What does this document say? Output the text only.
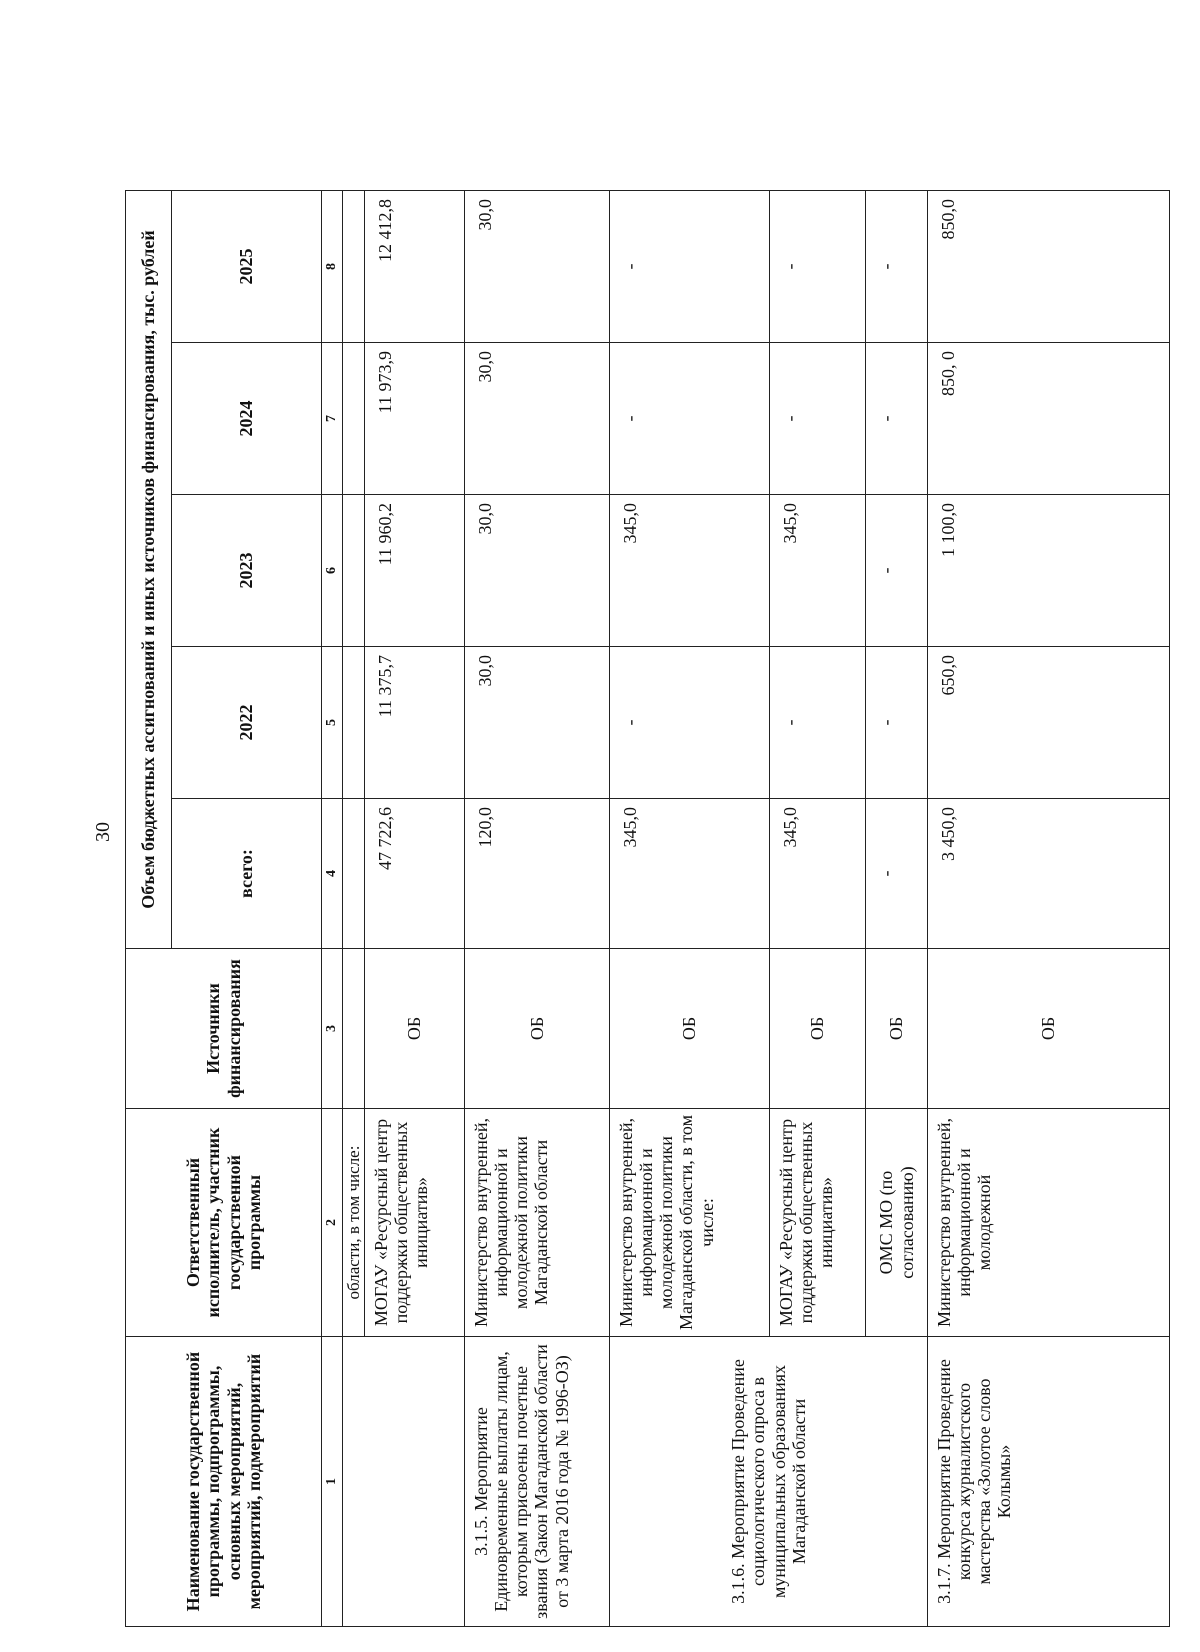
30
Наименование государственной программы, подпрограммы, основных мероприятий, мероприятий, подмероприятий	Ответственный исполнитель, участник государственной программы	Источники финансирования	Объем бюджетных ассигнований и иных источников финансирования, тыс. рублей					
			всего:	2022	2023	2024	2025	
1	2	3	4	5	6	7	8	
	области, в том числе:							
	МОГАУ «Ресурсный центр поддержки общественных инициатив»	ОБ	47 722,6	11 375,7	11 960,2	11 973,9	12 412,8	
3.1.5. Мероприятие Единовременные выплаты лицам, которым присвоены почетные звания (Закон Магаданской области от 3 марта 2016 года № 1996-ОЗ)	Министерство внутренней, информационной и молодежной политики Магаданской области	ОБ	120,0	30,0	30,0	30,0	30,0	
3.1.6. Мероприятие Проведение социологического опроса в муниципальных образованиях Магаданской области	Министерство внутренней, информационной и молодежной политики Магаданской области, в том числе:	ОБ	345,0	-	345,0	-	-	
	МОГАУ «Ресурсный центр поддержки общественных инициатив»	ОБ	345,0	-	345,0	-	-	
	ОМС МО (по согласованию)	ОБ	-	-	-	-	-	
3.1.7. Мероприятие Проведение конкурса журналистского мастерства «Золотое слово Колымы»	Министерство внутренней, информационной и молодежной	ОБ	3 450,0	650,0	1 100,0	850, 0	850,0	
